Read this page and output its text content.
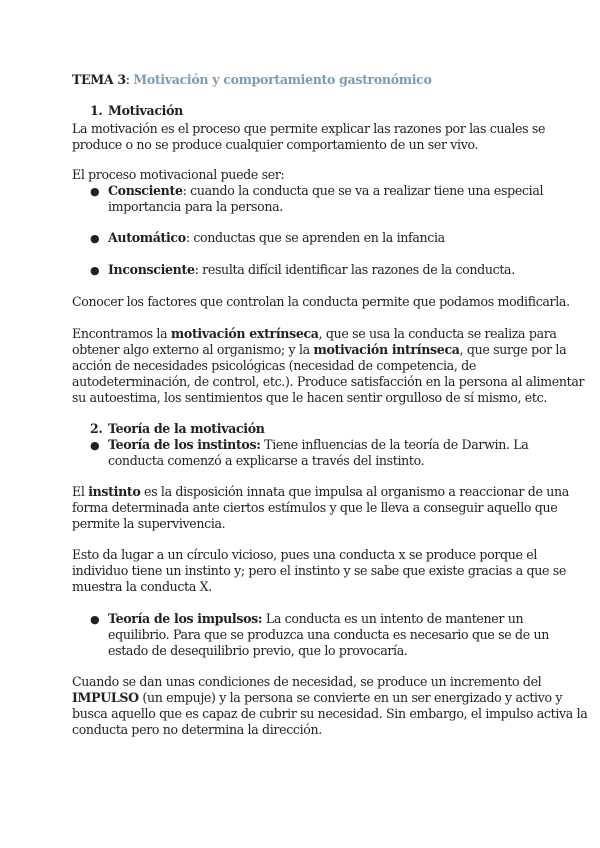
TEMA 3: Motivación y comportamiento gastronómico
1. Motivación
La motivación es el proceso que permite explicar las razones por las cuales se
produce o no se produce cualquier comportamiento de un ser vivo.
El proceso motivacional puede ser:
● Consciente: cuando la conducta que se va a realizar tiene una especial
importancia para la persona.
● Automático: conductas que se aprenden en la infancia
● Inconsciente: resulta difícil identificar las razones de la conducta.
Conocer los factores que controlan la conducta permite que podamos modificarla.
Encontramos la motivación extrínseca, que se usa la conducta se realiza para
obtener algo externo al organismo; y la motivación intrínseca, que surge por la
acción de necesidades psicológicas (necesidad de competencia, de
autodeterminación, de control, etc.). Produce satisfacción en la persona al alimentar
su autoestima, los sentimientos que le hacen sentir orgulloso de sí mismo, etc.
2. Teoría de la motivación
● Teoría de los instintos: Tiene influencias de la teoría de Darwin. La
conducta comenzó a explicarse a través del instinto.
El instinto es la disposición innata que impulsa al organismo a reaccionar de una
forma determinada ante ciertos estímulos y que le lleva a conseguir aquello que
permite la supervivencia.
Esto da lugar a un círculo vicioso, pues una conducta x se produce porque el
individuo tiene un instinto y; pero el instinto y se sabe que existe gracias a que se
muestra la conducta X.
● Teoría de los impulsos: La conducta es un intento de mantener un
equilibrio. Para que se produzca una conducta es necesario que se de un
estado de desequilibrio previo, que lo provocaría.
Cuando se dan unas condiciones de necesidad, se produce un incremento del
IMPULSO (un empuje) y la persona se convierte en un ser energizado y activo y
busca aquello que es capaz de cubrir su necesidad. Sin embargo, el impulso activa la
conducta pero no determina la dirección.
